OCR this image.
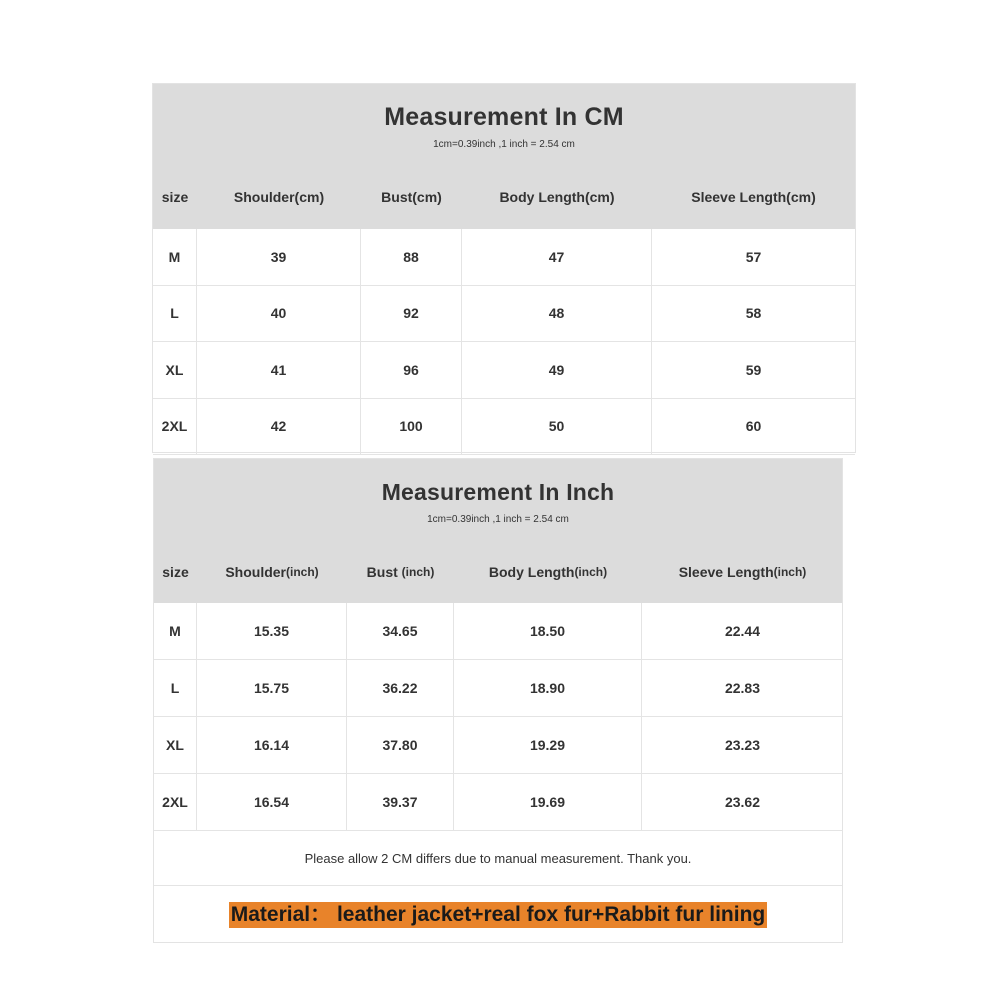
Measurement In CM
1cm=0.39inch ,1 inch = 2.54 cm
size	Shoulder(cm)	Bust(cm)	Body Length(cm)	Sleeve Length(cm)
M	39	88	47	57
L	40	92	48	58
XL	41	96	49	59
2XL	42	100	50	60
Measurement In Inch
1cm=0.39inch ,1 inch = 2.54 cm
size	Shoulder (inch)	Bust (inch)	Body Length (inch)	Sleeve Length (inch)
M	15.35	34.65	18.50	22.44
L	15.75	36.22	18.90	22.83
XL	16.14	37.80	19.29	23.23
2XL	16.54	39.37	19.69	23.62
Please allow 2 CM differs due to manual measurement. Thank you.
Material： leather jacket+real fox fur+Rabbit fur lining
